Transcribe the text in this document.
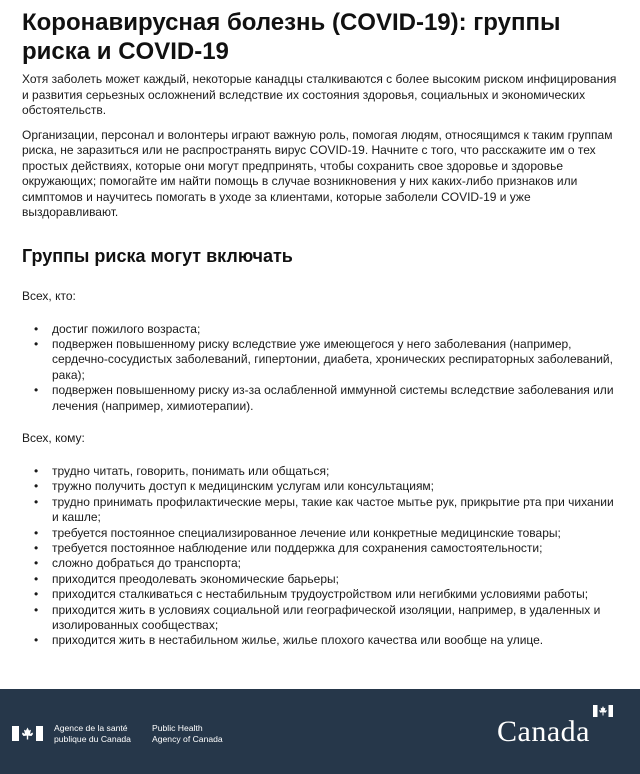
Коронавирусная болезнь (COVID-19): группы риска и COVID-19

Хотя заболеть может каждый, некоторые канадцы сталкиваются с более высоким риском инфицирования и развития серьезных осложнений вследствие их состояния здоровья, социальных и экономических обстоятельств.

Организации, персонал и волонтеры играют важную роль, помогая людям, относящимся к таким группам риска, не заразиться или не распространять вирус COVID-19. Начните с того, что расскажите им о тех простых действиях, которые они могут предпринять, чтобы сохранить свое здоровье и здоровье окружающих; помогайте им найти помощь в случае возникновения у них каких-либо признаков или симптомов и научитесь помогать в уходе за клиентами, которые заболели COVID-19 и уже выздоравливают.

Группы риска могут включать

Всех, кто:

• достиг пожилого возраста;
• подвержен повышенному риску вследствие уже имеющегося у него заболевания (например, сердечно-сосудистых заболеваний, гипертонии, диабета, хронических респираторных заболеваний, рака);
• подвержен повышенному риску из-за ослабленной иммунной системы вследствие заболевания или лечения (например, химиотерапии).

Всех, кому:

• трудно читать, говорить, понимать или общаться;
• тружно получить доступ к медицинским услугам или консультациям;
• трудно принимать профилактические меры, такие как частое мытье рук, прикрытие рта при чихании и кашле;
• требуется постоянное специализированное лечение или конкретные медицинские товары;
• требуется постоянное наблюдение или поддержка для сохранения самостоятельности;
• сложно добраться до транспорта;
• приходится преодолевать экономические барьеры;
• приходится сталкиваться с нестабильным трудоустройством или негибкими условиями работы;
• приходится жить в условиях социальной или географической изоляции, например, в удаленных и изолированных сообществах;
• приходится жить в нестабильном жилье, жилье плохого качества или вообще на улице.
Agence de la santé
publique du Canada
Public Health
Agency of Canada	Canada
